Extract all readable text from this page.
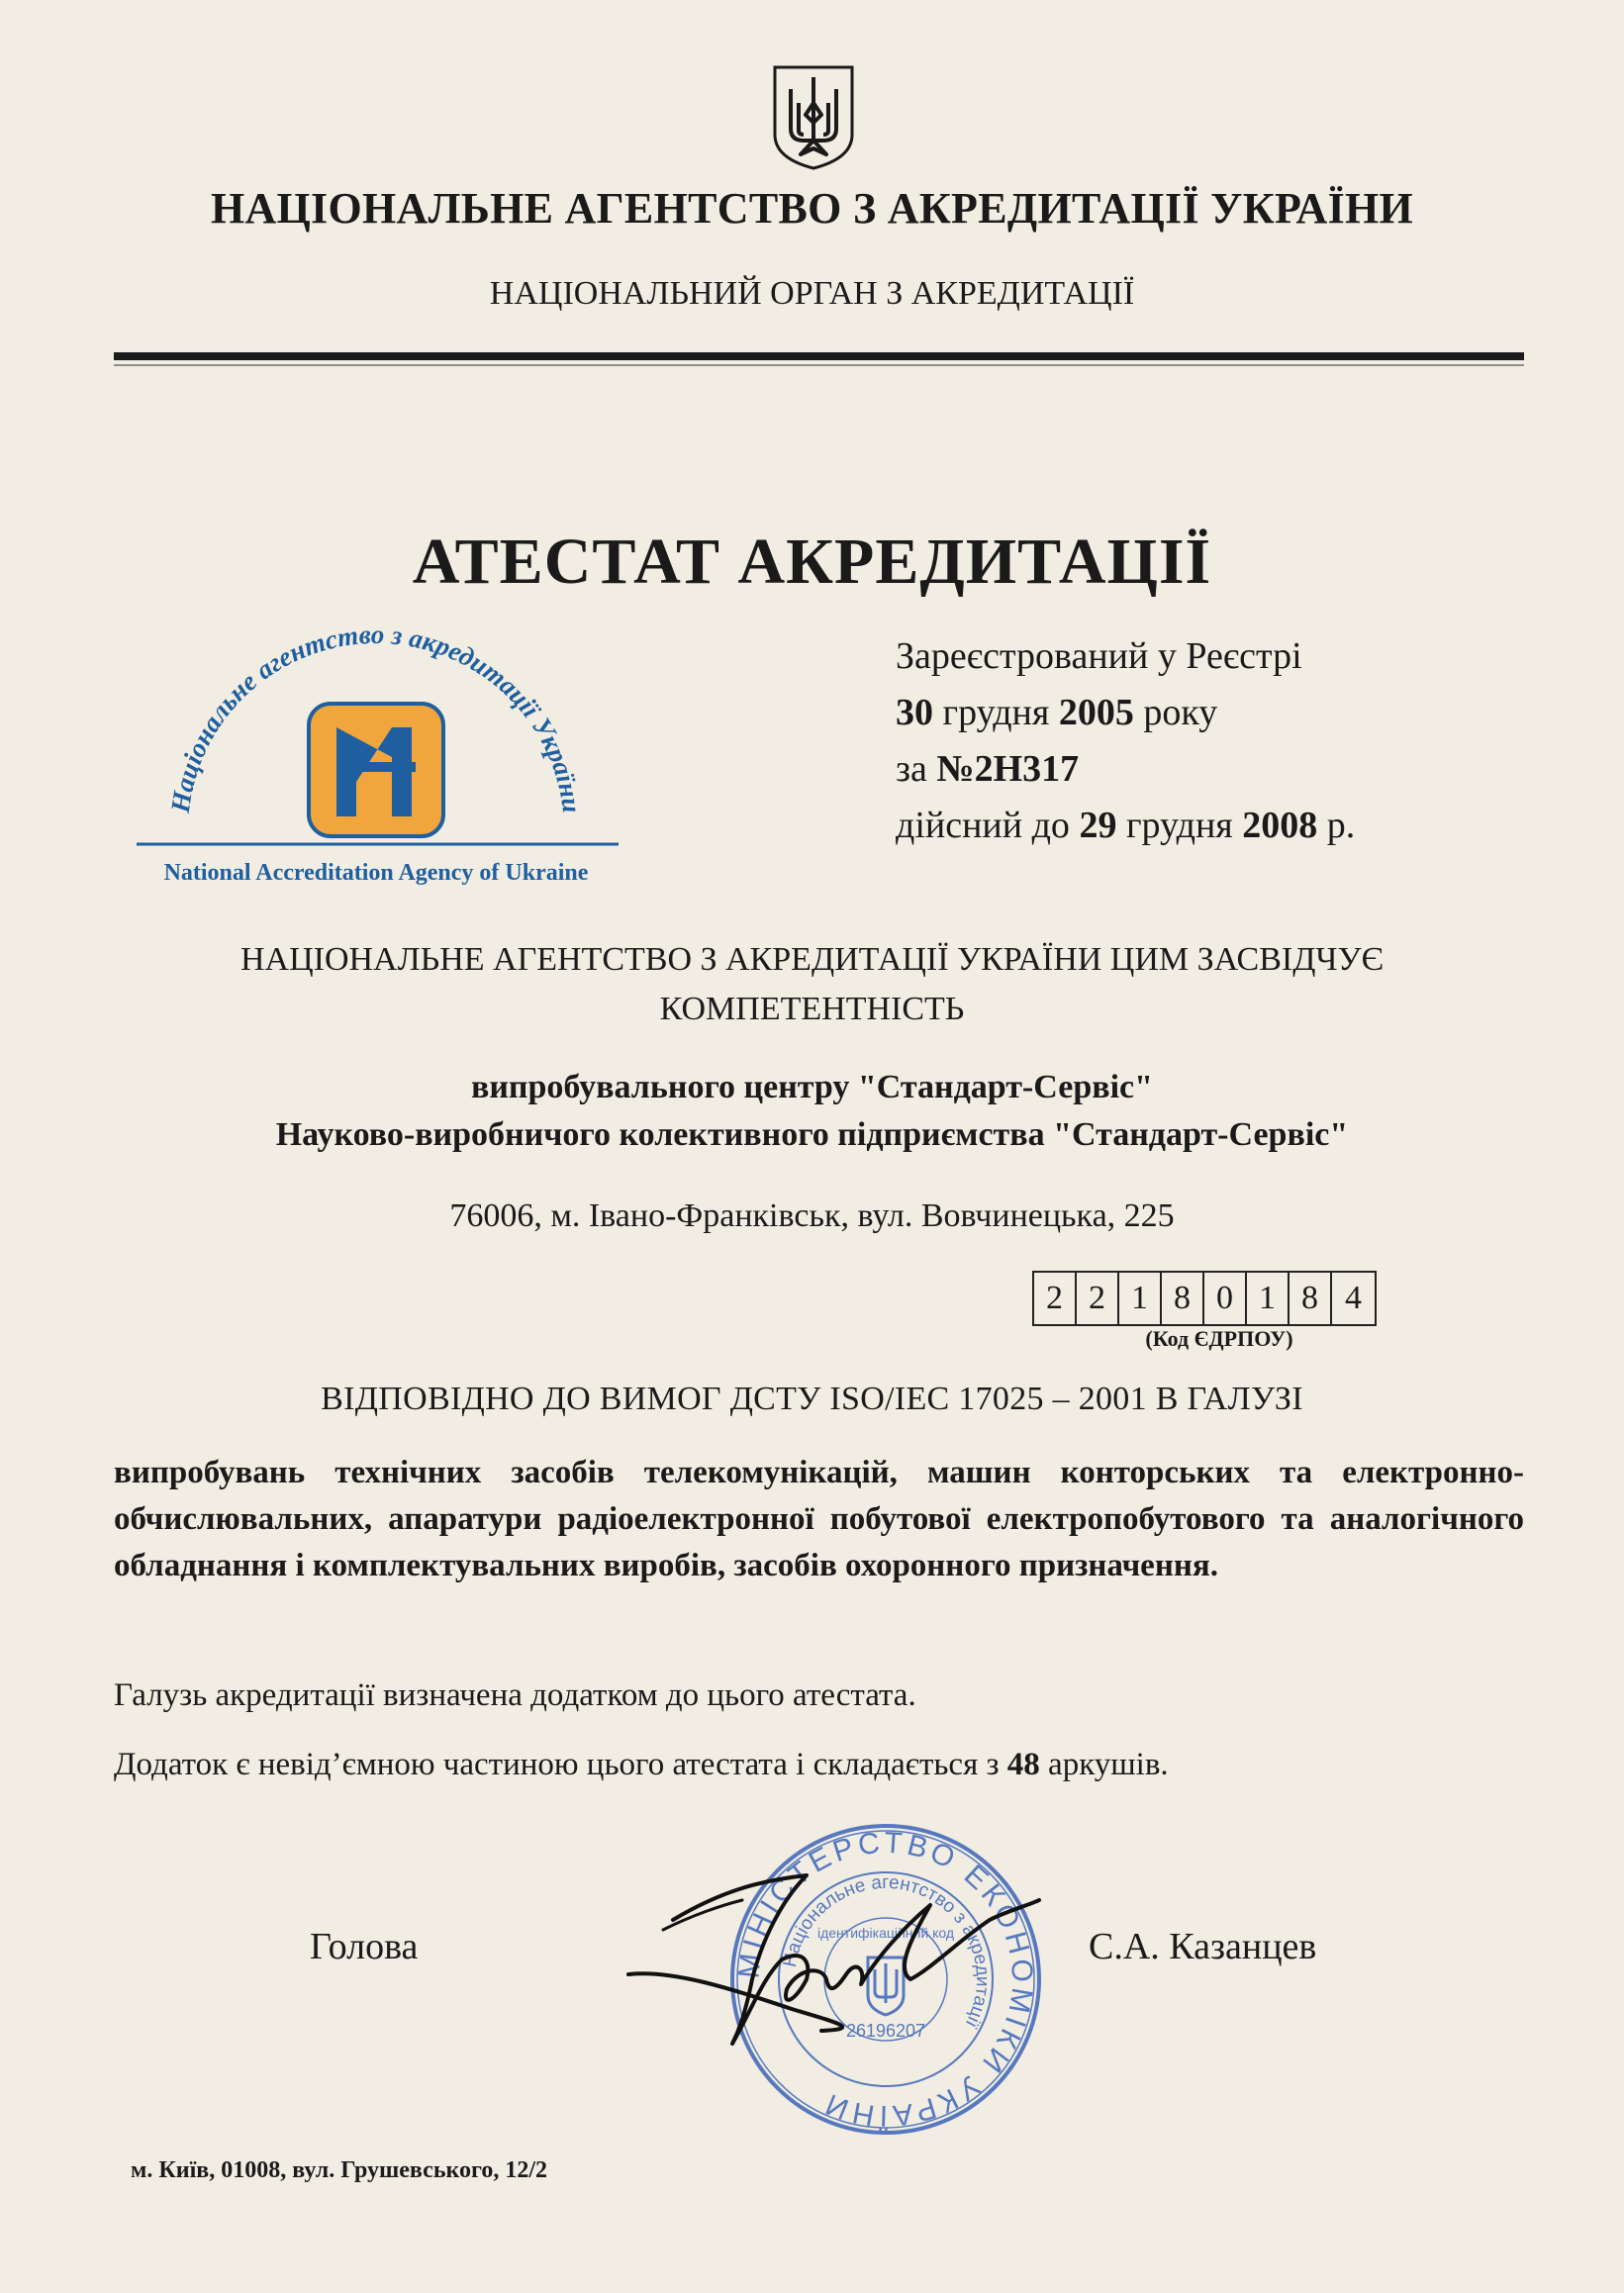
НАЦІОНАЛЬНЕ АГЕНТСТВО З АКРЕДИТАЦІЇ УКРАЇНИ
НАЦІОНАЛЬНИЙ ОРГАН З АКРЕДИТАЦІЇ
АТЕСТАТ АКРЕДИТАЦІЇ
Національне агентство з акредитації України
National Accreditation Agency of Ukraine
Зареєстрований у Реєстрі
30 грудня 2005 року
за №2Н317
дійсний до 29 грудня 2008 р.
НАЦІОНАЛЬНЕ АГЕНТСТВО З АКРЕДИТАЦІЇ УКРАЇНИ ЦИМ ЗАСВІДЧУЄ
КОМПЕТЕНТНІСТЬ
випробувального центру "Стандарт-Сервіс"
Науково-виробничого колективного підприємства "Стандарт-Сервіс"
76006, м. Івано-Франківськ, вул. Вовчинецька, 225
2 2 1 8 0 1 8 4
(Код ЄДРПОУ)
ВІДПОВІДНО ДО ВИМОГ ДСТУ ISO/IEC 17025 – 2001 В ГАЛУЗІ
випробувань технічних засобів телекомунікацій, машин конторських та електронно-обчислювальних, апаратури радіоелектронної побутової електропобутового та аналогічного обладнання і комплектувальних виробів, засобів охоронного призначення.
Галузь акредитації визначена додатком до цього атестата.
Додаток є невід’ємною частиною цього атестата і складається з 48 аркушів.
Голова	С.А. Казанцев
МІНІСТЕРСТВО ЕКОНОМІКИ УКРАЇНИ
Національне агентство з акредитації
ідентифікаційний код
26196207
м. Київ, 01008, вул. Грушевського, 12/2
